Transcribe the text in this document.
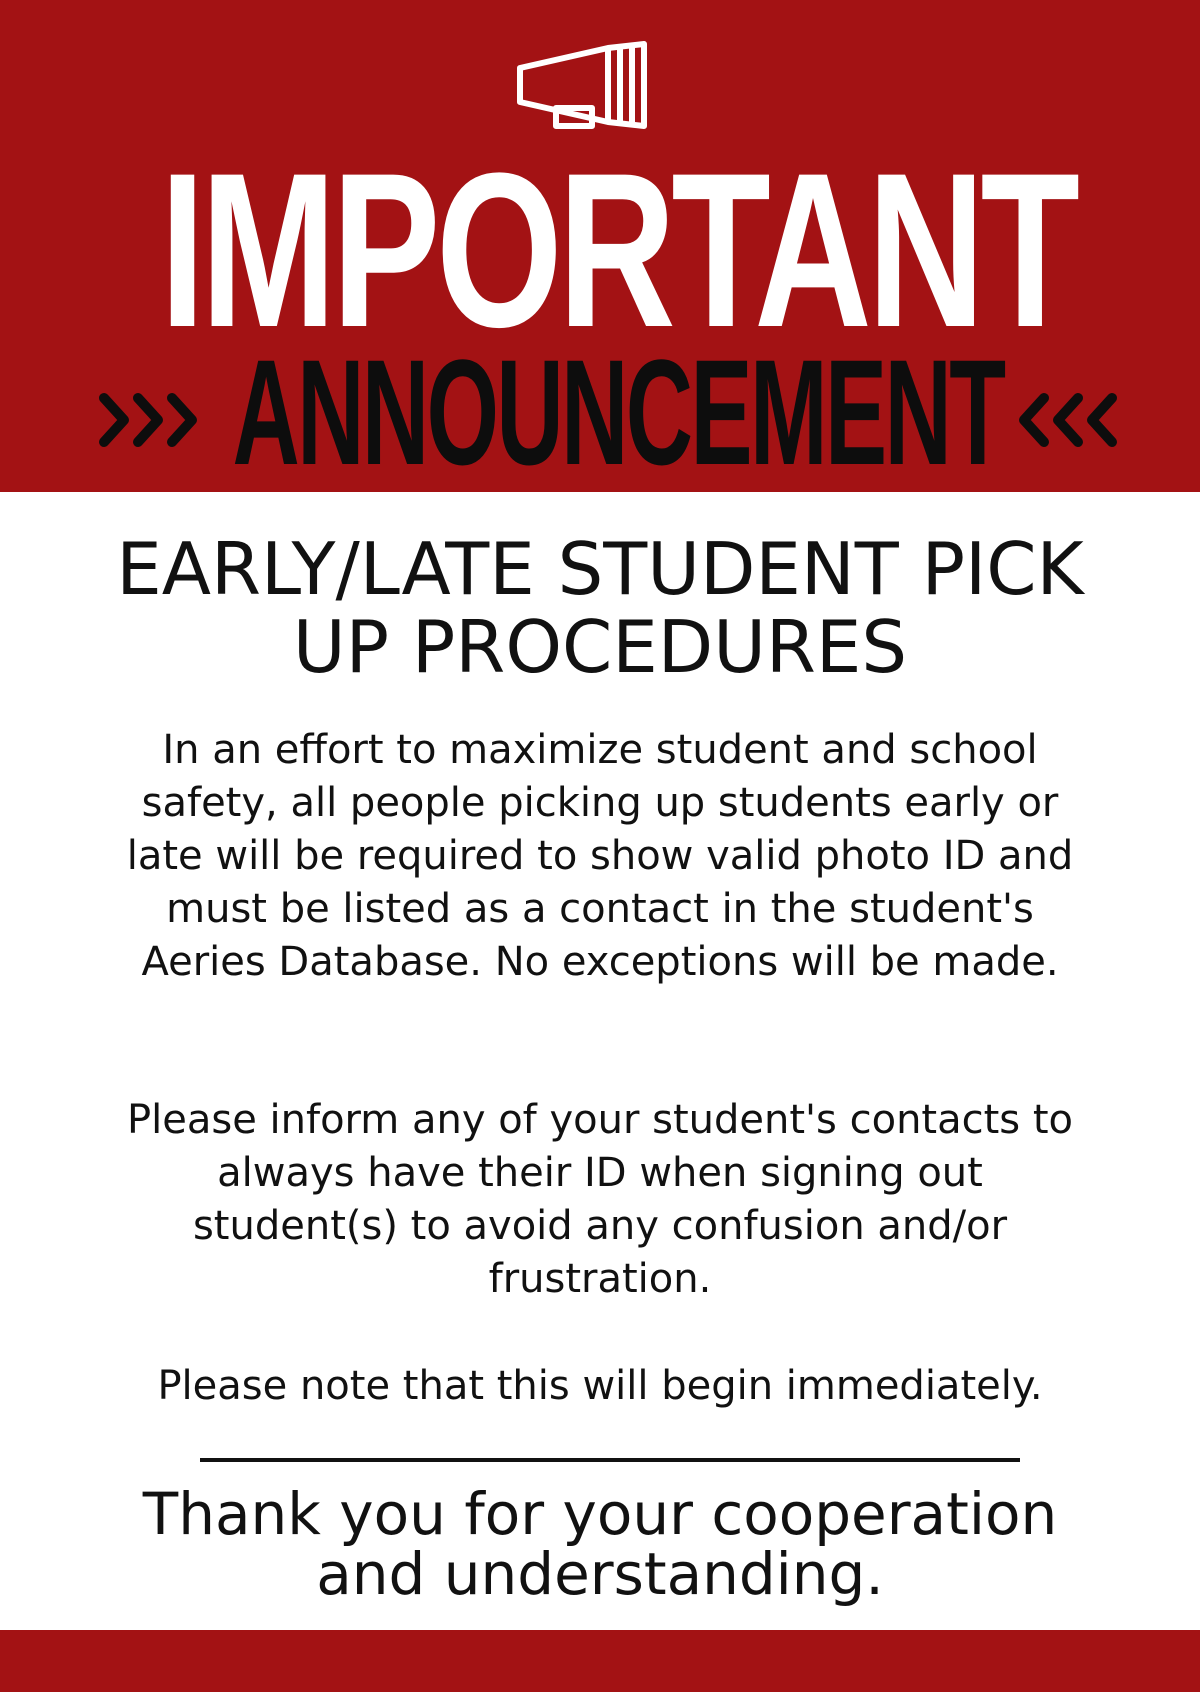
IMPORTANT
ANNOUNCEMENT
EARLY/LATE STUDENT PICK UP PROCEDURES
In an effort to maximize student and school safety, all people picking up students early or late will be required to show valid photo ID and must be listed as a contact in the student's Aeries Database. No exceptions will be made.
Please inform any of your student's contacts to always have their ID when signing out student(s) to avoid any confusion and/or frustration.
Please note that this will begin immediately.
Thank you for your cooperation and understanding.
